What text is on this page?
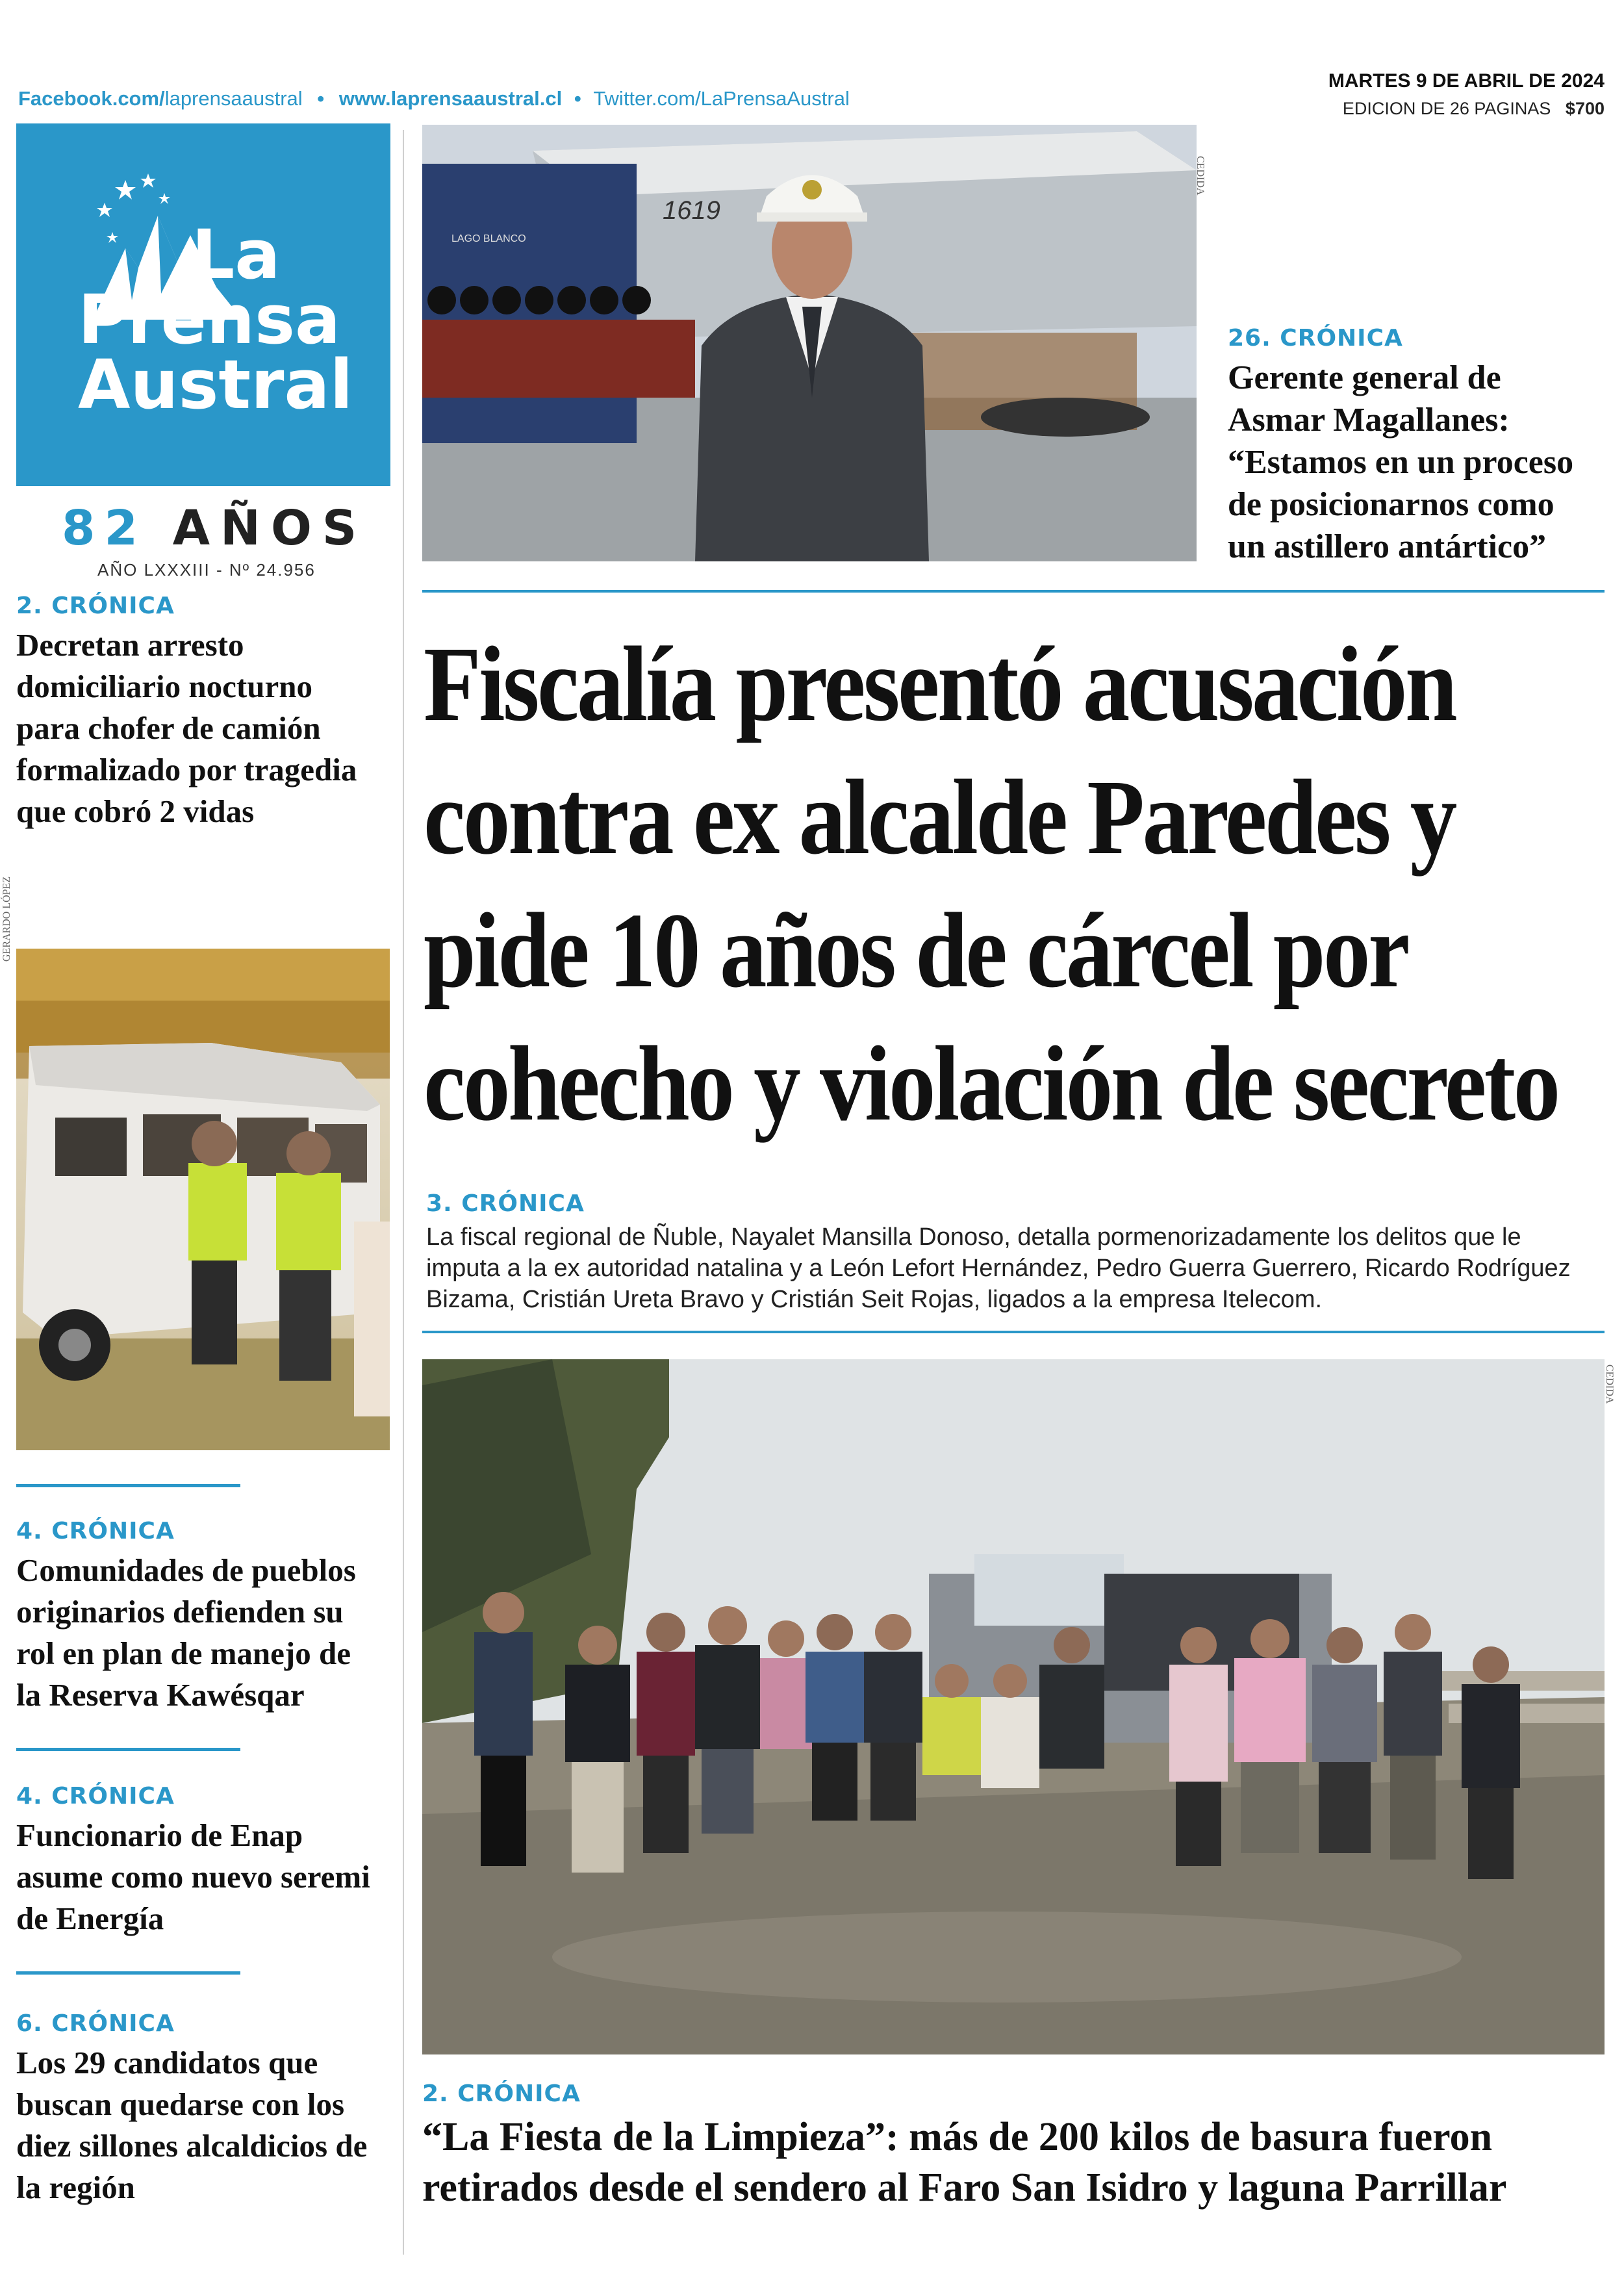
Facebook.com/laprensaaustral • www.laprensaaustral.cl • Twitter.com/LaPrensaAustral
MARTES 9 DE ABRIL DE 2024
EDICION DE 26 PAGINAS $700
La
Prensa
Austral
82 AÑOS
AÑO LXXXIII - Nº 24.956
2. CRÓNICA
Decretan arresto domiciliario nocturno para chofer de camión formalizado por tragedia que cobró 2 vidas
GERARDO LÓPEZ
4. CRÓNICA
Comunidades de pueblos originarios defienden su rol en plan de manejo de la Reserva Kawésqar
4. CRÓNICA
Funcionario de Enap asume como nuevo seremi de Energía
6. CRÓNICA
Los 29 candidatos que buscan quedarse con los diez sillones alcaldicios de la región
1619
LAGO BLANCO
CEDIDA
26. CRÓNICA
Gerente general de Asmar Magallanes: “Estamos en un proceso de posicionarnos como un astillero antártico”
Fiscalía presentó acusación contra ex alcalde Paredes y pide 10 años de cárcel por cohecho y violación de secreto
3. CRÓNICA
La fiscal regional de Ñuble, Nayalet Mansilla Donoso, detalla pormenorizadamente los delitos que le imputa a la ex autoridad natalina y a León Lefort Hernández, Pedro Guerra Guerrero, Ricardo Rodríguez Bizama, Cristián Ureta Bravo y Cristián Seit Rojas, ligados a la empresa Itelecom.
CEDIDA
2. CRÓNICA
“La Fiesta de la Limpieza”: más de 200 kilos de basura fueron retirados desde el sendero al Faro San Isidro y laguna Parrillar
